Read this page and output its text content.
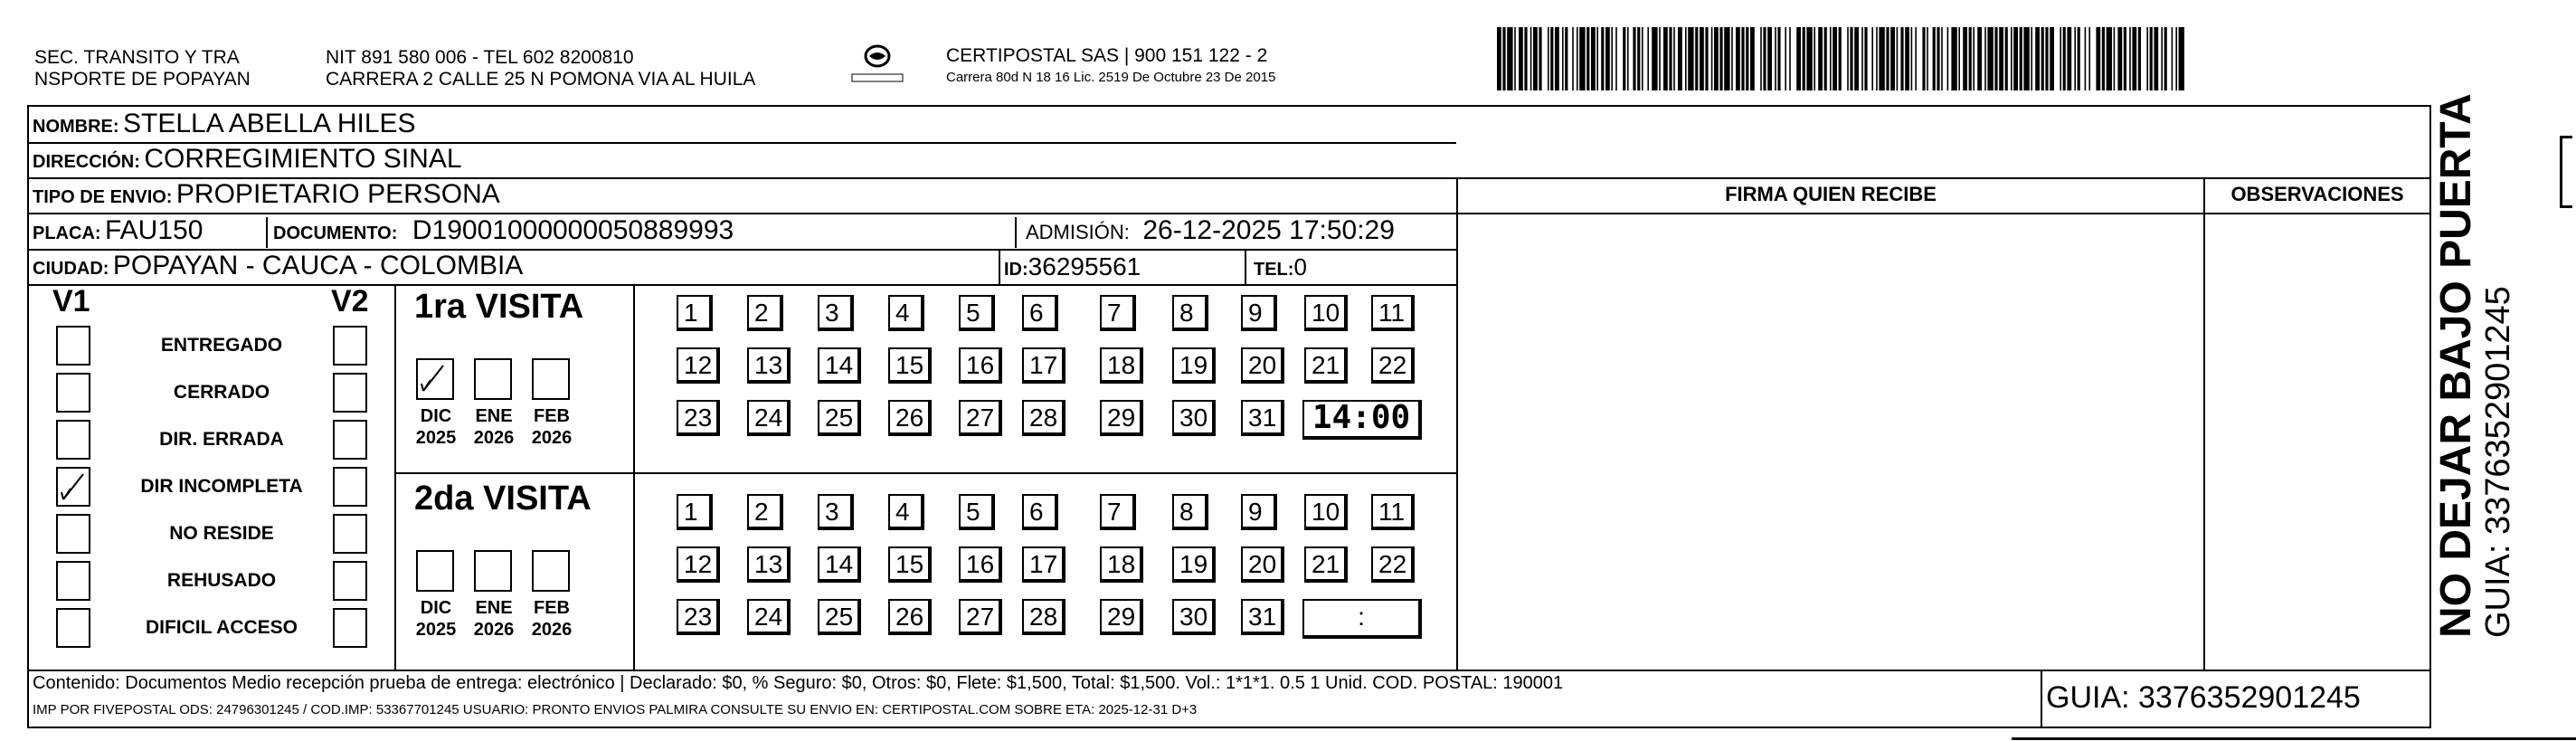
SEC. TRANSITO Y TRA
NSPORTE DE POPAYAN
NIT 891 580 006 - TEL 602 8200810
CARRERA 2 CALLE 25 N POMONA VIA AL HUILA
CERTIPOSTAL SAS | 900 151 122 - 2
Carrera 80d N 18 16 Lic. 2519 De Octubre 23 De 2015
NOMBRE: STELLA ABELLA HILES
DIRECCIÓN: CORREGIMIENTO SINAL
TIPO DE ENVIO: PROPIETARIO PERSONA
PLACA: FAU150	DOCUMENTO: D19001000000050889993	ADMISIÓN: 26-12-2025 17:50:29
CIUDAD: POPAYAN - CAUCA - COLOMBIA	ID:36295561	TEL:0
FIRMA QUIEN RECIBE	OBSERVACIONES
V1	V2
ENTREGADO
CERRADO
DIR. ERRADA
DIR INCOMPLETA
NO RESIDE
REHUSADO
DIFICIL ACCESO
1ra VISITA
2da VISITA
DIC
2025
ENE
2026
FEB
2026
DIC
2025
ENE
2026
FEB
2026
1	2	3	4	5	6	7	8	9	10	11
12	13	14	15	16	17	18	19	20	21	22
23	24	25	26	27	28	29	30	31	14:00
1	2	3	4	5	6	7	8	9	10	11
12	13	14	15	16	17	18	19	20	21	22
23	24	25	26	27	28	29	30	31	:
Contenido: Documentos Medio recepción prueba de entrega: electrónico | Declarado: $0, % Seguro: $0, Otros: $0, Flete: $1,500, Total: $1,500. Vol.: 1*1*1. 0.5 1 Unid. COD. POSTAL: 190001
IMP POR FIVEPOSTAL ODS: 24796301245 / COD.IMP: 53367701245 USUARIO: PRONTO ENVIOS PALMIRA CONSULTE SU ENVIO EN: CERTIPOSTAL.COM SOBRE ETA: 2025-12-31 D+3	GUIA: 3376352901245
NO DEJAR BAJO PUERTA GUIA: 3376352901245
